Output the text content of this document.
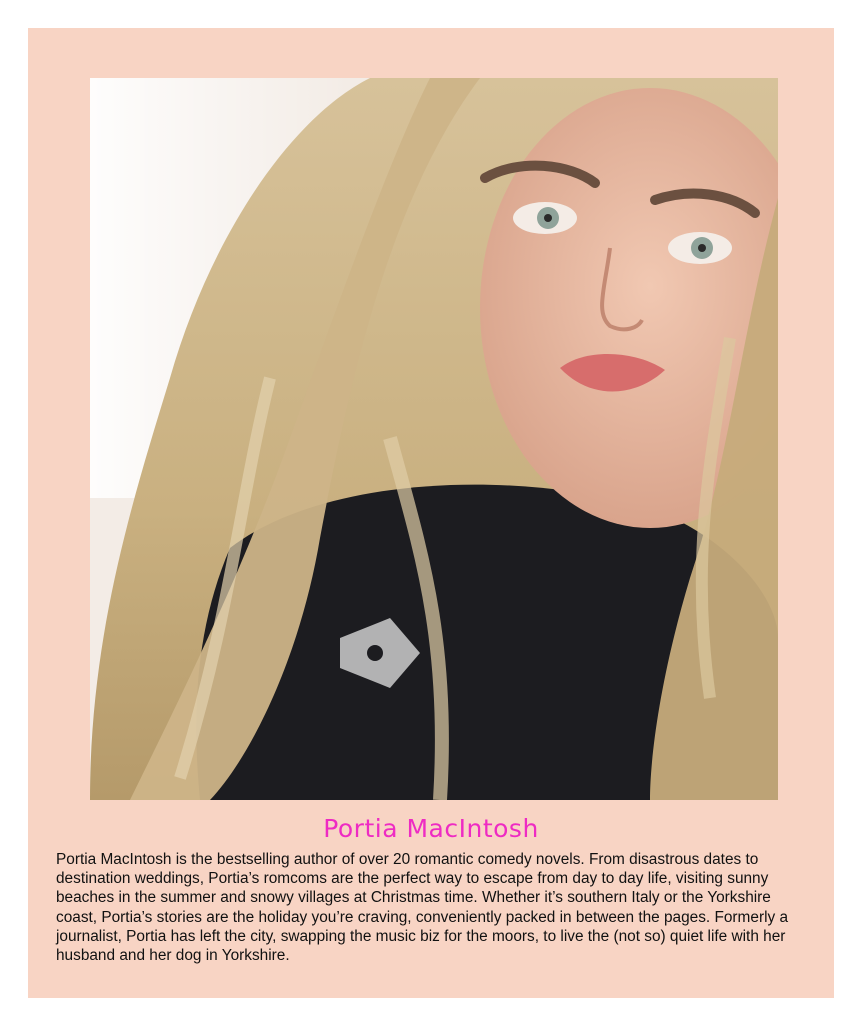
Portia MacIntosh

Portia MacIntosh is the bestselling author of over 20 romantic comedy novels. From disastrous dates to destination weddings, Portia’s romcoms are the perfect way to escape from day to day life, visiting sunny beaches in the summer and snowy villages at Christmas time. Whether it’s southern Italy or the Yorkshire coast, Portia’s stories are the holiday you’re craving, conveniently packed in between the pages. Formerly a journalist, Portia has left the city, swapping the music biz for the moors, to live the (not so) quiet life with her husband and her dog in Yorkshire.
